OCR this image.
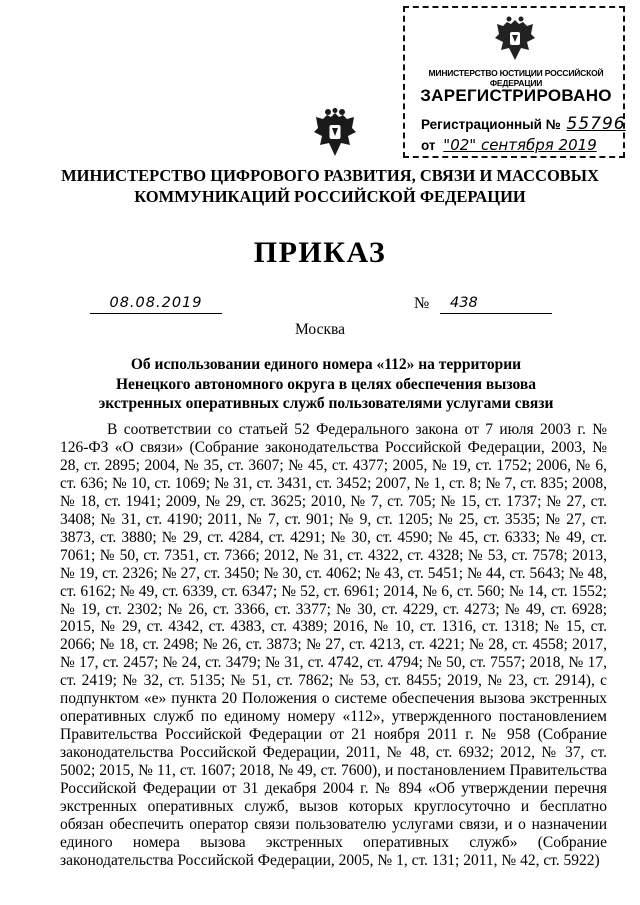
МИНИСТЕРСТВО ЮСТИЦИИ РОССИЙСКОЙ ФЕДЕРАЦИИ
ЗАРЕГИСТРИРОВАНО
Регистрационный № 55796
от "02" сентября 2019
МИНИСТЕРСТВО ЦИФРОВОГО РАЗВИТИЯ, СВЯЗИ И МАССОВЫХ КОММУНИКАЦИЙ РОССИЙСКОЙ ФЕДЕРАЦИИ
ПРИКАЗ
08.08.2019	№	438
Москва
Об использовании единого номера «112» на территории Ненецкого автономного округа в целях обеспечения вызова экстренных оперативных служб пользователями услугами связи

В соответствии со статьей 52 Федерального закона от 7 июля 2003 г. № 126-ФЗ «О связи» (Собрание законодательства Российской Федерации, 2003, № 28, ст. 2895; 2004, № 35, ст. 3607; № 45, ст. 4377; 2005, № 19, ст. 1752; 2006, № 6, ст. 636; № 10, ст. 1069; № 31, ст. 3431, ст. 3452; 2007, № 1, ст. 8; № 7, ст. 835; 2008, № 18, ст. 1941; 2009, № 29, ст. 3625; 2010, № 7, ст. 705; № 15, ст. 1737; № 27, ст. 3408; № 31, ст. 4190; 2011, № 7, ст. 901; № 9, ст. 1205; № 25, ст. 3535; № 27, ст. 3873, ст. 3880; № 29, ст. 4284, ст. 4291; № 30, ст. 4590; № 45, ст. 6333; № 49, ст. 7061; № 50, ст. 7351, ст. 7366; 2012, № 31, ст. 4322, ст. 4328; № 53, ст. 7578; 2013, № 19, ст. 2326; № 27, ст. 3450; № 30, ст. 4062; № 43, ст. 5451; № 44, ст. 5643; № 48, ст. 6162; № 49, ст. 6339, ст. 6347; № 52, ст. 6961; 2014, № 6, ст. 560; № 14, ст. 1552; № 19, ст. 2302; № 26, ст. 3366, ст. 3377; № 30, ст. 4229, ст. 4273; № 49, ст. 6928; 2015, № 29, ст. 4342, ст. 4383, ст. 4389; 2016, № 10, ст. 1316, ст. 1318; № 15, ст. 2066; № 18, ст. 2498; № 26, ст. 3873; № 27, ст. 4213, ст. 4221; № 28, ст. 4558; 2017, № 17, ст. 2457; № 24, ст. 3479; № 31, ст. 4742, ст. 4794; № 50, ст. 7557; 2018, № 17, ст. 2419; № 32, ст. 5135; № 51, ст. 7862; № 53, ст. 8455; 2019, № 23, ст. 2914), с подпунктом «е» пункта 20 Положения о системе обеспечения вызова экстренных оперативных служб по единому номеру «112», утвержденного постановлением Правительства Российской Федерации от 21 ноября 2011 г. № 958 (Собрание законодательства Российской Федерации, 2011, № 48, ст. 6932; 2012, № 37, ст. 5002; 2015, № 11, ст. 1607; 2018, № 49, ст. 7600), и постановлением Правительства Российской Федерации от 31 декабря 2004 г. № 894 «Об утверждении перечня экстренных оперативных служб, вызов которых круглосуточно и бесплатно обязан обеспечить оператор связи пользователю услугами связи, и о назначении единого номера вызова экстренных оперативных служб» (Собрание законодательства Российской Федерации, 2005, № 1, ст. 131; 2011, № 42, ст. 5922)
